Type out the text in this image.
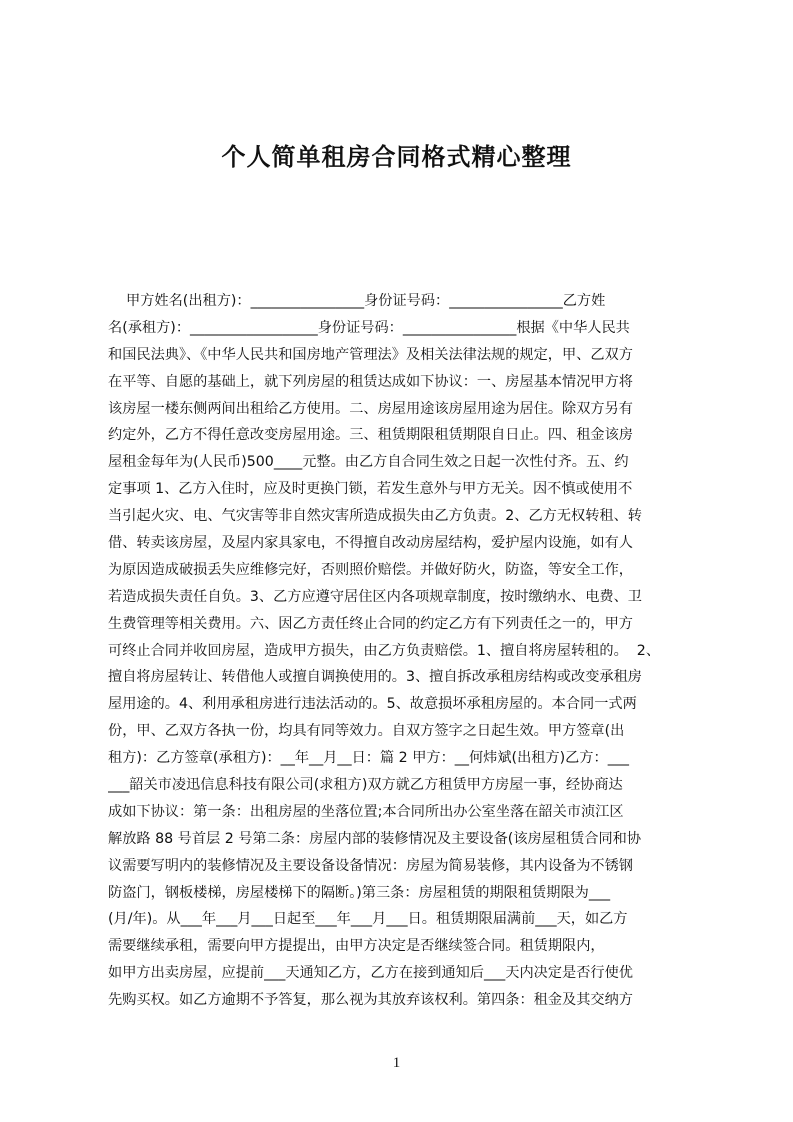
个人简单租房合同格式精心整理
甲方姓名(出租方)：________________身份证号码：________________乙方姓
名(承租方)：__________________身份证号码：________________根据《中华人民共
和国民法典》、《中华人民共和国房地产管理法》及相关法律法规的规定，甲、乙双方
在平等、自愿的基础上，就下列房屋的租赁达成如下协议：一、房屋基本情况甲方将
该房屋一楼东侧两间出租给乙方使用。二、房屋用途该房屋用途为居住。除双方另有
约定外，乙方不得任意改变房屋用途。三、租赁期限租赁期限自日止。四、租金该房
屋租金每年为(人民币)500____元整。由乙方自合同生效之日起一次性付齐。五、约
定事项 1、乙方入住时，应及时更换门锁，若发生意外与甲方无关。因不慎或使用不
当引起火灾、电、气灾害等非自然灾害所造成损失由乙方负责。2、乙方无权转租、转
借、转卖该房屋，及屋内家具家电，不得擅自改动房屋结构，爱护屋内设施，如有人
为原因造成破损丢失应维修完好，否则照价赔偿。并做好防火，防盗，等安全工作，
若造成损失责任自负。3、乙方应遵守居住区内各项规章制度，按时缴纳水、电费、卫
生费管理等相关费用。六、因乙方责任终止合同的约定乙方有下列责任之一的，甲方
可终止合同并收回房屋，造成甲方损失，由乙方负责赔偿。1、擅自将房屋转租的。  2、
擅自将房屋转让、转借他人或擅自调换使用的。3、擅自拆改承租房结构或改变承租房
屋用途的。4、利用承租房进行违法活动的。5、故意损坏承租房屋的。本合同一式两
份，甲、乙双方各执一份，均具有同等效力。自双方签字之日起生效。甲方签章(出
租方)：乙方签章(承租方)：__年__月__日：篇 2 甲方：__何炜斌(出租方)乙方：___
___韶关市凌迅信息科技有限公司(求租方)双方就乙方租赁甲方房屋一事，经协商达
成如下协议：第一条：出租房屋的坐落位置;本合同所出办公室坐落在韶关市浈江区
解放路 88 号首层 2 号第二条：房屋内部的装修情况及主要设备(该房屋租赁合同和协
议需要写明内的装修情况及主要设备设备情况：房屋为简易装修，其内设备为不锈钢
防盗门，钢板楼梯，房屋楼梯下的隔断。)第三条：房屋租赁的期限租赁期限为___
(月/年)。从___年___月___日起至___年___月___日。租赁期限届满前___天，如乙方
需要继续承租，需要向甲方提提出，由甲方决定是否继续签合同。租赁期限内，
如甲方出卖房屋，应提前___天通知乙方，乙方在接到通知后___天内决定是否行使优
先购买权。如乙方逾期不予答复，那么视为其放弃该权利。第四条：租金及其交纳方

1
